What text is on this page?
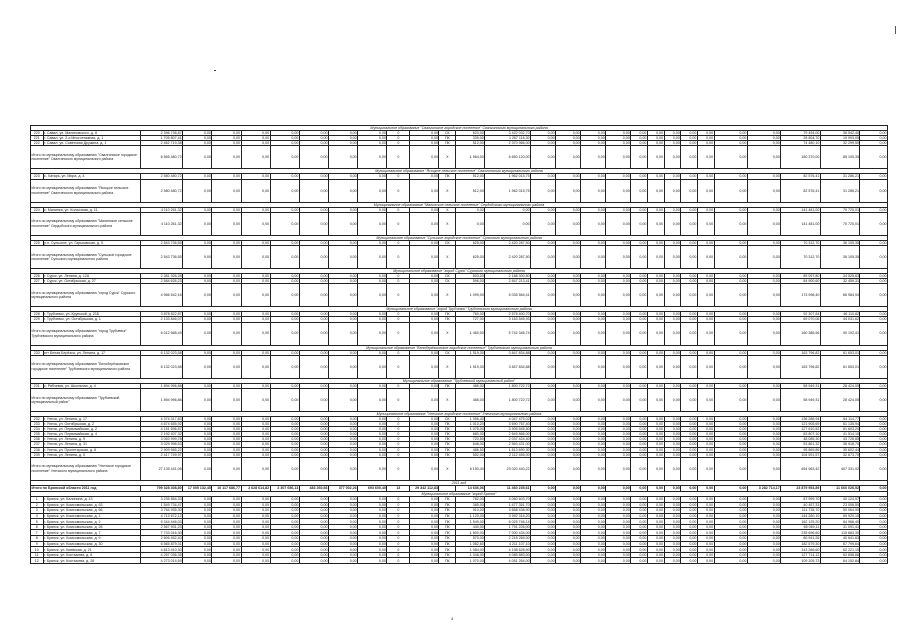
Муниципальное образование "Свалгинское городское поселение" Свалгинского муниципального района																												
220	г. Савал, ул. Малиновского, д. 8	2 396 736,87	0,00	0,00	0,00	0,00	0,00	0,00	0,00	0	0,00	СК	623,00	3 422 032,70	0,00	0,00	0,00	0,00	0,00	0,00	0,00	0,00	0,00	0,00	0,00	79 494,00	36 542,40	0,00
221	г. Савал, ул. 2-я Многоэтажная, д. 1	1 705 807,41	0,00	0,00	0,00	0,00	0,00	0,00	0,00	0	0,00	ПК	339,00	1 267 116,30	0,00	0,00	0,00	0,00	0,00	0,00	0,00	0,00	0,00	0,00	0,00	28 804,70	19 993,05	0,00
222	г. Савал, ул. Советская Дружина, д. 1	2 462 719,38	0,00	0,00	0,00	0,00	0,00	0,00	0,00	0	0,00	ПК	512,00	2 370 966,00	0,00	0,00	0,00	0,00	0,00	0,00	0,00	0,00	0,00	0,00	0,00	74 480,10	32 299,50	0,00
Итого по муниципальному образованию "Свалгинское городское поселение" Свалгинского муниципального района		6 565 480,72	0,00	0,00	0,00	0,00	0,00	0,00	0,00	0	0,00	Х	1 564,00	6 650 120,00	0,00	0,00	0,00	0,00	0,00	0,00	0,00	0,00	0,00	0,00	0,00	180 370,00	85 105,35	0,00
Муниципальное образование "Ясоцкое сельское поселение" Свалгинского муниципального района																												
223	с. Хатарь, ул. Мира, д. 4	2 580 480,72	0,00	0,00	0,00	0,00	0,00	0,00	0,00	0	0,00	ПК	512,00	1 962 015,75	0,00	0,00	0,00	0,00	0,00	0,00	0,00	0,00	0,00	0,00	0,00	82 576,41	31 286,21	0,00
Итого по муниципальному образованию "Ясоцкое сельское поселение" Свалгинского муниципального района		2 580 480,72	0,00	0,00	0,00	0,00	0,00	0,00	0,00	0	0,00	Х	512,00	1 962 015,75	0,00	0,00	0,00	0,00	0,00	0,00	0,00	0,00	0,00	0,00	0,00	82 576,41	31 286,21	0,00
Муниципальное образование "Малинское сельское поселение" Сердобского муниципального района																												
224	с. Малинка, ул. Колхозная, д. 11	4 110 261,32	0,00	0,00	0,00	0,00	0,00	0,00	0,00	0	0,00	Х	0,00	0,00	0,00	0,00	0,00	0,00	0,00	0,00	0,00	0,00	0,00	0,00	0,00	141 481,00	70 720,01	0,00
Итого по муниципальному образованию "Малинское сельское поселение" Сердобского муниципального района		4 110 261,32	0,00	0,00	0,00	0,00	0,00	0,00	0,00	0	0,00	Х	0,00	0,00	0,00	0,00	0,00	0,00	0,00	0,00	0,00	0,00	0,00	0,00	0,00	141 481,00	70 720,01	0,00
Муниципальное образование "Сульское городское поселение" Сульского муниципального района																												
225	р.п. Сульское, ул. Гарьковская, д. 5	2 543 736,55	0,00	0,00	0,00	0,00	0,00	0,00	0,00	0	0,00	СК	625,00	2 420 287,50	0,00	0,00	0,00	0,00	0,00	0,00	0,00	0,00	0,00	0,00	0,00	70 312,70	36 105,35	0,00
Итого по муниципальному образованию "Сульское городское поселение" Сульского муниципального района		2 543 736,55	0,00	0,00	0,00	0,00	0,00	0,00	0,00	0	0,00	Х	625,00	2 420 287,50	0,00	0,00	0,00	0,00	0,00	0,00	0,00	0,00	0,00	0,00	0,00	70 312,70	36 105,35	0,00
Муниципальное образование "город Сурск" Сурского муниципального района																												
226	г. Сурск, ул. Ленина, д. 12А	2 381 926,28	0,00	0,00	0,00	0,00	0,00	0,00	0,00	0	0,00	СК	503,00	2 188 300,80	0,00	0,00	0,00	0,00	0,00	0,00	0,00	0,00	0,00	0,00	0,00	89 097,80	34 525,63	0,00
227	г. Сурск, ул. Октябрьская, д. 27	2 584 626,23	0,00	0,00	0,00	0,00	0,00	0,00	0,00	0	0,00	СК	596,00	2 847 213,41	0,00	0,00	0,00	0,00	0,00	0,00	0,00	0,00	0,00	0,00	0,00	84 900,60	32 459,31	0,00
Итого по муниципальному образованию "город Сурск" Сурского муниципального района		4 966 542,16	0,00	0,00	0,00	0,00	0,00	0,00	0,00	0	0,00	Х	1 099,00	5 035 564,41	0,00	0,00	0,00	0,00	0,00	0,00	0,00	0,00	0,00	0,00	0,00	173 998,40	66 984,94	0,00
Муниципальное образование "город Трубчевск" Трубчевского муниципального района																												
228	г. Трубчевск, ул. Крупской, д. 21Б	3 878 822,87	0,00	0,00	0,00	0,00	0,00	0,00	0,00	0	0,00	ПК	760,00	2 578 400,70	0,00	0,00	0,00	0,00	0,00	0,00	0,00	0,00	0,00	0,00	0,00	92 307,84	46 110,82	0,00
229	г. Трубчевск, ул. Октябрьская, д. 1	2 133 846,07	0,00	0,00	0,00	0,00	0,00	0,00	0,00	0	0,00	ПК	727,00	3 163 545,93	0,00	0,00	0,00	0,00	0,00	0,00	0,00	0,00	0,00	0,00	0,00	69 070,06	44 031,62	0,00
Итого по муниципальному образованию "город Трубчевск" Трубчевского муниципального района		6 012 668,49	0,00	0,00	0,00	0,00	0,00	0,00	0,00	0	0,00	Х	1 460,00	5 742 346,74	0,00	0,00	0,00	0,00	0,00	0,00	0,00	0,00	0,00	0,00	0,00	160 386,96	90 192,41	0,00
Муниципальное образование "Белоберёзковское городское поселение" Трубчевского муниципального района																												
230	пгт Белая Берёзка, ул. Ленина, д. 17	6 132 023,58	0,00	0,00	0,00	0,00	0,00	0,00	0,00	0	0,00	СК	1 519,30	3 847 834,88	0,00	0,00	0,00	0,00	0,00	0,00	0,00	0,00	0,00	0,00	0,00	163 796,82	61 653,01	0,00
Итого по муниципальному образованию "Белоберёзковское городское поселение" Трубчевского муниципального района		6 132 023,58	0,00	0,00	0,00	0,00	0,00	0,00	0,00	0	0,00	Х	1 519,30	3 847 834,88	0,00	0,00	0,00	0,00	0,00	0,00	0,00	0,00	0,00	0,00	0,00	163 796,82	61 653,01	0,00
Муниципальное образование "Трубчевский муниципальный район"																												
231	с. Рябчевск, ул. Школьная, д. 4	1 894 996,86	0,00	0,00	0,00	0,00	0,00	0,00	0,00	0	0,00	ПК	485,00	1 800 722,72	0,00	0,00	0,00	0,00	0,00	0,00	0,00	0,00	0,00	0,00	0,00	58 949,31	28 424,05	0,00
Итого по муниципальному образованию "Трубчевский муниципальный район"		1 894 996,86	0,00	0,00	0,00	0,00	0,00	0,00	0,00	0	0,00	Х	485,00	1 800 722,72	0,00	0,00	0,00	0,00	0,00	0,00	0,00	0,00	0,00	0,00	0,00	58 949,31	28 424,05	0,00
Муниципальное образование "Унечское городское поселение" Унечского муниципального района																												
232	г. Унеча, ул. Ленина, д. 17	4 374 317,83	0,00	0,00	0,00	0,00	0,00	0,00	0,00	0	0,00	СК	1 056,40	4 047 475,02	0,00	0,00	0,00	0,00	0,00	0,00	0,00	0,00	0,00	0,00	0,00	136 286,94	64 114,77	0,00
233	г. Унеча, ул. Октябрьская, д. 2	4 674 655,92	0,00	0,00	0,00	0,00	0,00	0,00	0,00	0	0,00	ПК	1 010,20	3 690 767,40	0,00	0,00	0,00	0,00	0,00	0,00	0,00	0,00	0,00	0,00	0,00	121 905,69	61 135,94	0,00
234	г. Унеча, ул. Первомайская, д. 2	4 151 696,57	0,00	0,00	0,00	0,00	0,00	0,00	0,00	0	0,00	ПК	1 075,00	3 905 545,50	0,00	0,00	0,00	0,00	0,00	0,00	0,00	0,00	0,00	0,00	0,00	127 610,52	61 603,20	0,00
235	г. Унеча, ул. Первомайская, д. 4	2 192 407,32	0,00	0,00	0,00	0,00	0,00	0,00	0,00	0	0,00	ПК	680,00	2 649 866,00	0,00	0,00	0,00	0,00	0,00	0,00	0,00	0,00	0,00	0,00	0,00	63 807,10	41 514,10	0,00
236	г. Унеча, ул. Ленина, д. 9	3 053 999,78	0,00	0,00	0,00	0,00	0,00	0,00	0,00	0	0,00	ПК	720,50	2 037 424,40	0,00	0,00	0,00	0,00	0,00	0,00	0,00	0,00	0,00	0,00	0,00	48 085,30	43 726,85	0,00
237	г. Унеча, ул. Ленина, д. 31	3 029 998,53	0,00	0,00	0,00	0,00	0,00	0,00	0,00	0	0,00	ПК	648,00	2 563 431,00	0,00	0,00	0,00	0,00	0,00	0,00	0,00	0,00	0,00	0,00	0,00	53 861,32	38 918,70	0,00
238	г. Унеча, ул. Пролетарская, д. 6	2 909 965,22	0,00	0,00	0,00	0,00	0,00	0,00	0,00	0	0,00	ПК	486,50	1 813 690,30	0,00	0,00	0,00	0,00	0,00	0,00	0,00	0,00	0,00	0,00	0,00	95 869,86	30 602,44	0,00
239	г. Унеча, ул. Ленина, д. 5	2 417 749,97	0,00	0,00	0,00	0,00	0,00	0,00	0,00	0	0,00	ПК	552,00	2 112 455,00	0,00	0,00	0,00	0,00	0,00	0,00	0,00	0,00	0,00	0,00	0,00	104 591,57	32 673,70	0,00
Итого по муниципальному образованию "Унечское городское поселение" Унечского муниципального района		27 135 441,06	0,00	0,00	0,00	0,00	0,00	0,00	0,00	0	0,00	Х	6 150,40	23 020 440,22	0,00	0,00	0,00	0,00	0,00	0,00	0,00	0,00	0,00	0,00	0,00	654 963,42	407 331,92	0,00
2011 год																												
Итого по Брянской области 2011 год		799 328 408,80	17 005 132,45	10 117 686,77	2 628 614,82	2 307 656,13	483 260,66	377 002,26	693 600,40	13	29 342 112,83		14 636,06	11 460 235,61	0,00	0,00	0,00	0,00	0,00	0,00	0,00	0,00	0,00	0,00	3 282 714,17	23 879 953,89	11 660 026,52	0,00
Муниципальное образование "город Брянск"																												
1	г. Брянск, ул. Калинина, д. 13	3 235 854,33	0,00	0,00	0,00	0,00	0,00	0,00	0,00	0	0,00	ПК	782,00	3 060 603,70	0,00	0,00	0,00	0,00	0,00	0,00	0,00	0,00	0,00	0,00	0,00	87 999,70	40 124,57	0,00
2	г. Брянск, ул. Комсомольская, д. 63	1 549 734,47	0,00	0,00	0,00	0,00	0,00	0,00	0,00	0	0,00	ПК	385,00	1 477 351,70	0,00	0,00	0,00	0,00	0,00	0,00	0,00	0,00	0,00	0,00	0,00	40 457,33	23 006,50	0,00
3	г. Брянск, ул. Комсомольская, д. 66	3 764 935,30	0,00	0,00	0,00	0,00	0,00	0,00	0,00	0	0,00	ПК	910,00	3 658 438,90	0,00	0,00	0,00	0,00	0,00	0,00	0,00	0,00	0,00	0,00	0,00	111 735,70	50 064,90	0,00
4	г. Брянск, ул. Комсомольская, д. 1	4 713 672,12	0,00	0,00	0,00	0,00	0,00	0,00	0,00	0	0,00	ПК	1 120,00	3 992 316,20	0,00	0,00	0,00	0,00	0,00	0,00	0,00	0,00	0,00	0,00	0,00	144 280,10	69 920,15	0,00
5	г. Брянск, ул. Комсомольская, д. 2	5 344 446,03	0,00	0,00	0,00	0,00	0,00	0,00	0,00	0	0,00	ПК	1 549,00	6 025 746,14	0,00	0,00	0,00	0,00	0,00	0,00	0,00	0,00	0,00	0,00	0,00	162 125,20	84 966,40	0,00
6	г. Брянск, ул. Комсомольская, д. 26	2 567 931,23	0,00	0,00	0,00	0,00	0,00	0,00	0,00	0	0,00	ПК	440,00	1 791 226,00	0,00	0,00	0,00	0,00	0,00	0,00	0,00	0,00	0,00	0,00	0,00	65 069,11	31 091,41	0,00
7	г. Брянск, ул. Комсомольская, д. 7	7 733 016,30	0,00	0,00	0,00	0,00	0,00	0,00	0,00	0	0,00	ПК	1 800,00	7 000 434,00	0,00	0,00	0,00	0,00	0,00	0,00	0,00	0,00	0,00	0,00	0,00	235 696,60	115 683,30	0,00
8	г. Брянск, ул. Комсомольская, д. 9	2 606 452,40	0,00	0,00	0,00	0,00	0,00	0,00	0,00	0	0,00	ПК	570,00	2 218 269,00	0,00	0,00	0,00	0,00	0,00	0,00	0,00	0,00	0,00	0,00	0,00	80 941,26	40 641,63	0,00
9	г. Брянск, ул. Комсомольская, д. 30	6 565 879,31	0,00	0,00	0,00	0,00	0,00	0,00	0,00	0	0,00	ПК	1 082,60	4 211 107,10	0,00	0,00	0,00	0,00	0,00	0,00	0,00	0,00	0,00	0,00	0,00	182 579,30	67 799,64	0,00
10	г. Брянск, ул. Киевская, д. 21	4 813 410,30	0,00	0,00	0,00	0,00	0,00	0,00	0,00	0	0,00	ПК	1 084,00	4 198 628,90	0,00	0,00	0,00	0,00	0,00	0,00	0,00	0,00	0,00	0,00	0,00	143 266,60	62 221,15	0,00
11	г. Брянск, ул. Костычева, д. 6	4 257 036,35	0,00	0,00	0,00	0,00	0,00	0,00	0,00	0	0,00	ПК	1 048,00	4 085 883,00	0,00	0,00	0,00	0,00	0,00	0,00	0,00	0,00	0,00	0,00	0,00	127 714,12	63 658,66	0,00
12	г. Брянск, ул. Костычева, д. 26	4 273 014,69	0,00	0,00	0,00	0,00	0,00	0,00	0,00	0	0,00	ПК	1 070,00	4 051 264,00	0,00	0,00	0,00	0,00	0,00	0,00	0,00	0,00	0,00	0,00	0,00	109 205,73	64 152,84	0,00
4
